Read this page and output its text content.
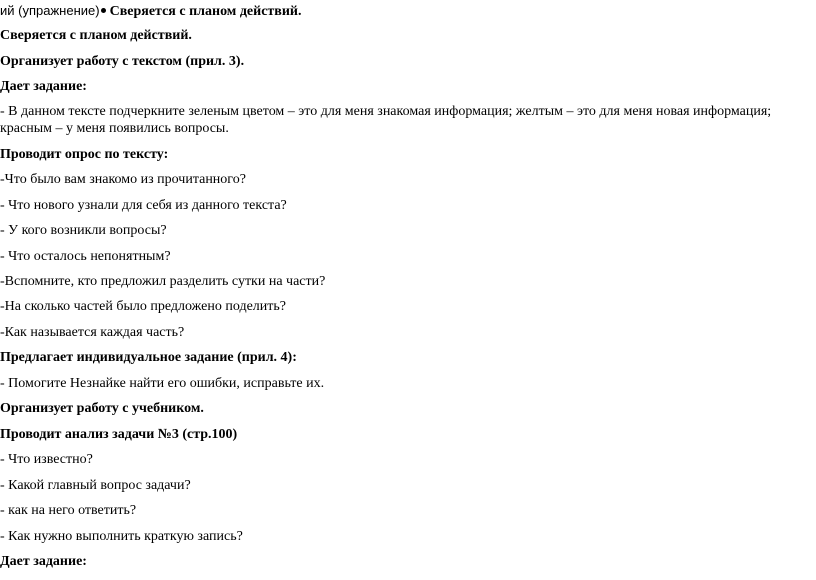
ий (упражнение) Сверяется с планом действий.
Сверяется с планом действий.
Организует работу с текстом (прил. 3).
Дает задание:
- В данном тексте подчеркните зеленым цветом – это для меня знакомая информация; желтым – это для меня новая информация; красным – у меня появились вопросы.
Проводит опрос по тексту:
-Что было вам знакомо из прочитанного?
- Что нового узнали для себя из данного текста?
- У кого возникли вопросы?
- Что осталось непонятным?
-Вспомните, кто предложил разделить сутки на части?
-На сколько частей было предложено поделить?
-Как называется каждая часть?
Предлагает индивидуальное задание (прил. 4):
- Помогите Незнайке найти его ошибки, исправьте их.
Организует работу с учебником.
Проводит анализ задачи №3 (стр.100)
- Что известно?
- Какой главный вопрос задачи?
- как на него ответить?
- Как нужно выполнить краткую запись?
Дает задание:
